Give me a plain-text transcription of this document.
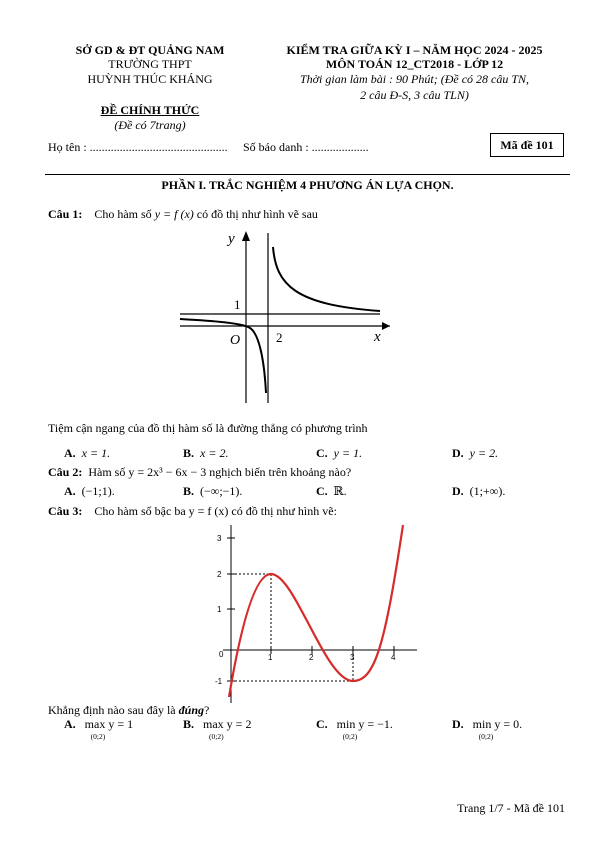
SỞ GD & ĐT QUẢNG NAM
TRƯỜNG THPT
HUỲNH THÚC KHÁNG
ĐỀ CHÍNH THỨC
(Đề có 7trang)
KIỂM TRA GIỮA KỲ I – NĂM HỌC 2024 - 2025
MÔN TOÁN 12_CT2018 - LỚP 12
Thời gian làm bài : 90 Phút; (Đề có 28 câu TN,
2 câu Đ-S, 3 câu TLN)
Họ tên : .............................................. Số báo danh : ...................	Mã đề 101
PHẦN I. TRẮC NGHIỆM 4 PHƯƠNG ÁN LỰA CHỌN.
Câu 1: Cho hàm số y = f (x) có đồ thị như hình vẽ sau
y
x
O
1
2
Tiệm cận ngang của đồ thị hàm số là đường thẳng có phương trình
A. x = 1.	B. x = 2.	C. y = 1.	D. y = 2.
Câu 2: Hàm số y = 2x³ − 6x − 3 nghịch biến trên khoảng nào?
A. (−1;1).	B. (−∞;−1).	C. ℝ.	D. (1;+∞).
Câu 3: Cho hàm số bậc ba y = f (x) có đồ thị như hình vẽ:
3
2
1
0
-1
1	2	3	4
Khẳng định nào sau đây là đúng?
A. max y = 1
(0;2)
B. max y = 2
(0;2)
C. min y = −1.
(0;2)
D. min y = 0.
(0;2)
Trang 1/7 - Mã đề 101
